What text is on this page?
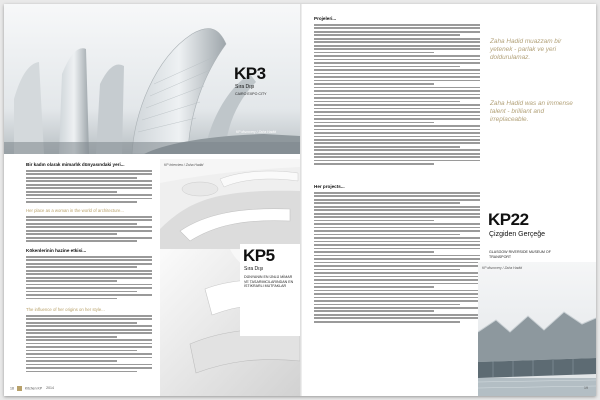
KP discovery / Zaha Hadid
KP3
Sıra Dışı
CAIRO EXPO CITY
Bir kadın olarak mimarlık dünyasındaki yeri...
Her place as a woman in the world of architecture...
Kökenlerinin hazine etkisi...
The influence of her origins on her style...
KP Interview / Zaha Hadid
KP5
Sıra Dışı
DÜNYANIN EN ÜNLÜ MİMAR VE TASARIMCILARINDAN EN İSTİKRARLI MUTFAKLAR
18	Kitchen KP 2014
Projeleri...
Her projects...
Zaha Hadid muazzam bir yetenek - parlak ve yeri doldurulamaz.
Zaha Hadid was an immense talent - brilliant and irreplaceable.
KP22
Çizgiden Gerçeğe
GLASGOW RIVERSIDE MUSEUM OF TRANSPORT
KP discovery / Zaha Hadid
19
